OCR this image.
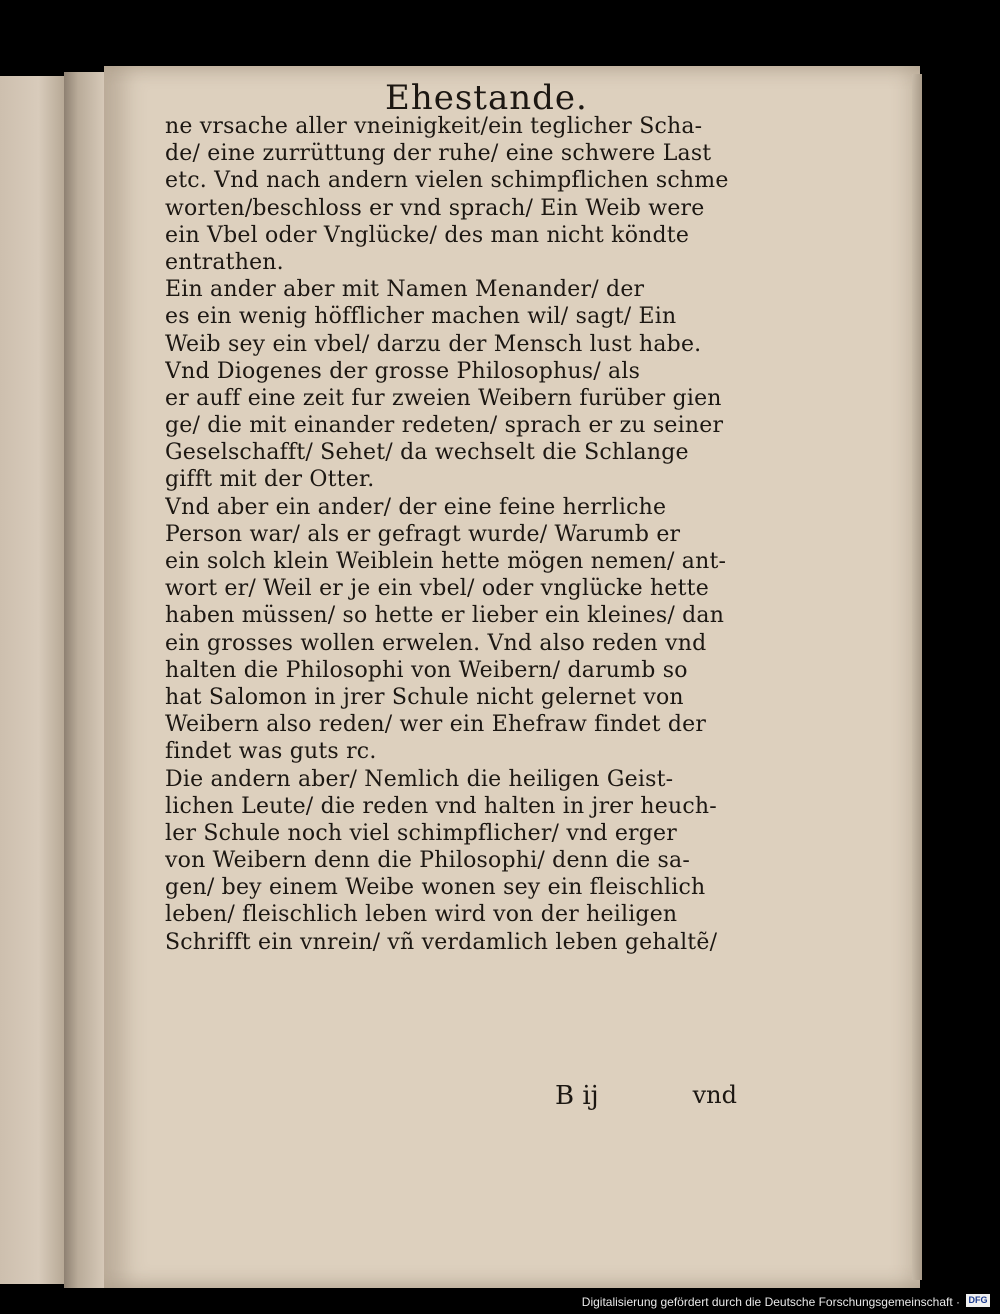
Ehestande.
ne vrsache aller vneinigkeit/ein teglicher Scha-
de/ eine zurrüttung der ruhe/ eine schwere Last
etc. Vnd nach andern vielen schimpflichen schme
worten/beschloss er vnd sprach/ Ein Weib were
ein Vbel oder Vnglücke/ des man nicht köndte
entrathen.
Ein ander aber mit Namen Menander/ der
es ein wenig höfflicher machen wil/ sagt/ Ein
Weib sey ein vbel/ darzu der Mensch lust habe.
Vnd Diogenes der grosse Philosophus/ als
er auff eine zeit fur zweien Weibern furüber gien
ge/ die mit einander redeten/ sprach er zu seiner
Geselschafft/ Sehet/ da wechselt die Schlange
gifft mit der Otter.
Vnd aber ein ander/ der eine feine herrliche
Person war/ als er gefragt wurde/ Warumb er
ein solch klein Weiblein hette mögen nemen/ ant-
wort er/ Weil er je ein vbel/ oder vnglücke hette
haben müssen/ so hette er lieber ein kleines/ dan
ein grosses wollen erwelen. Vnd also reden vnd
halten die Philosophi von Weibern/ darumb so
hat Salomon in jrer Schule nicht gelernet von
Weibern also reden/ wer ein Ehefraw findet der
findet was guts rc.
Die andern aber/ Nemlich die heiligen Geist-
lichen Leute/ die reden vnd halten in jrer heuch-
ler Schule noch viel schimpflicher/ vnd erger
von Weibern denn die Philosophi/ denn die sa-
gen/ bey einem Weibe wonen sey ein fleischlich
leben/ fleischlich leben wird von der heiligen
Schrifft ein vnrein/ vñ verdamlich leben gehaltẽ/
B ij	vnd
Digitalisierung gefördert durch die Deutsche Forschungsgemeinschaft · DFG
